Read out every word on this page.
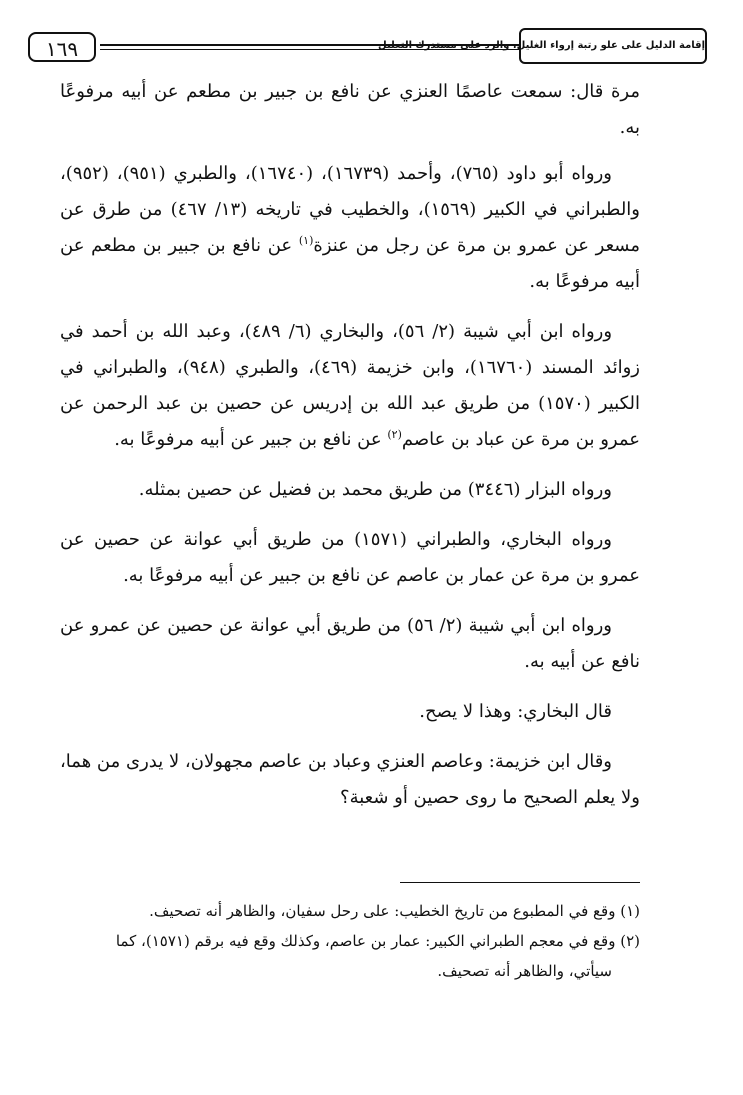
١٦٩	إقامة الدليل على علو رتبة إرواء الغليل، والرد على مستدرك التعليل

مرة قال: سمعت عاصمًا العنزي عن نافع بن جبير بن مطعم عن أبيه مرفوعًا به.

ورواه أبو داود (٧٦٥)، وأحمد (١٦٧٣٩)، (١٦٧٤٠)، والطبري (٩٥١)، (٩٥٢)، والطبراني في الكبير (١٥٦٩)، والخطيب في تاريخه (١٣/ ٤٦٧) من طرق عن مسعر عن عمرو بن مرة عن رجل من عنزة$^{(١)}$ عن نافع بن جبير بن مطعم عن أبيه مرفوعًا به.

ورواه ابن أبي شيبة (٢/ ٥٦)، والبخاري (٦/ ٤٨٩)، وعبد الله بن أحمد في زوائد المسند (١٦٧٦٠)، وابن خزيمة (٤٦٩)، والطبري (٩٤٨)، والطبراني في الكبير (١٥٧٠) من طريق عبد الله بن إدريس عن حصين بن عبد الرحمن عن عمرو بن مرة عن عباد بن عاصم$^{(٢)}$ عن نافع بن جبير عن أبيه مرفوعًا به.

ورواه البزار (٣٤٤٦) من طريق محمد بن فضيل عن حصين بمثله.

ورواه البخاري، والطبراني (١٥٧١) من طريق أبي عوانة عن حصين عن عمرو بن مرة عن عمار بن عاصم عن نافع بن جبير عن أبيه مرفوعًا به.

ورواه ابن أبي شيبة (٢/ ٥٦) من طريق أبي عوانة عن حصين عن عمرو عن نافع عن أبيه به.

قال البخاري: وهذا لا يصح.

وقال ابن خزيمة: وعاصم العنزي وعباد بن عاصم مجهولان، لا يدرى من هما، ولا يعلم الصحيح ما روى حصين أو شعبة؟

(١) وقع في المطبوع من تاريخ الخطيب: على رحل سفيان، والظاهر أنه تصحيف.

(٢) وقع في معجم الطبراني الكبير: عمار بن عاصم، وكذلك وقع فيه برقم (١٥٧١)، كما

سيأتي، والظاهر أنه تصحيف.
